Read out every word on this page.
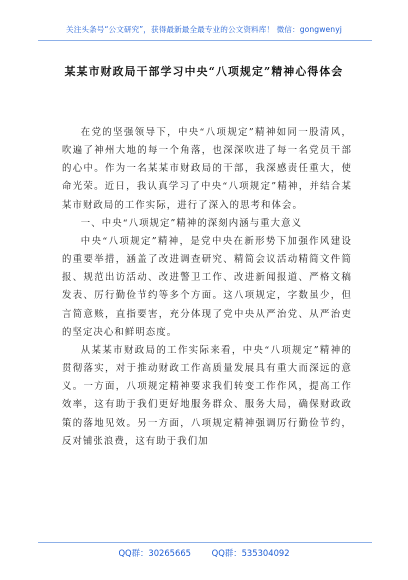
关注头条号“公文研究”，获得最新最全最专业的公文资料库！ 微信：gongwenyj
某某市财政局干部学习中央“八项规定”精神心得体会

在党的坚强领导下，中央“八项规定”精神如同一股清风，吹遍了神州大地的每一个角落，也深深吹进了每一名党员干部的心中。作为一名某某市财政局的干部，我深感责任重大，使命光荣。近日，我认真学习了中央“八项规定”精神，并结合某某市财政局的工作实际，进行了深入的思考和体会。

一、中央“八项规定”精神的深刻内涵与重大意义

中央“八项规定”精神，是党中央在新形势下加强作风建设的重要举措，涵盖了改进调查研究、精简会议活动精简文件简报、规范出访活动、改进警卫工作、改进新闻报道、严格文稿发表、厉行勤俭节约等多个方面。这八项规定，字数虽少，但言简意赅，直指要害，充分体现了党中央从严治党、从严治吏的坚定决心和鲜明态度。

从某某市财政局的工作实际来看，中央“八项规定”精神的贯彻落实，对于推动财政工作高质量发展具有重大而深远的意义。一方面，八项规定精神要求我们转变工作作风，提高工作效率，这有助于我们更好地服务群众、服务大局，确保财政政策的落地见效。另一方面，八项规定精神强调厉行勤俭节约，反对铺张浪费，这有助于我们加

QQ群：30265665 QQ群：535304092
